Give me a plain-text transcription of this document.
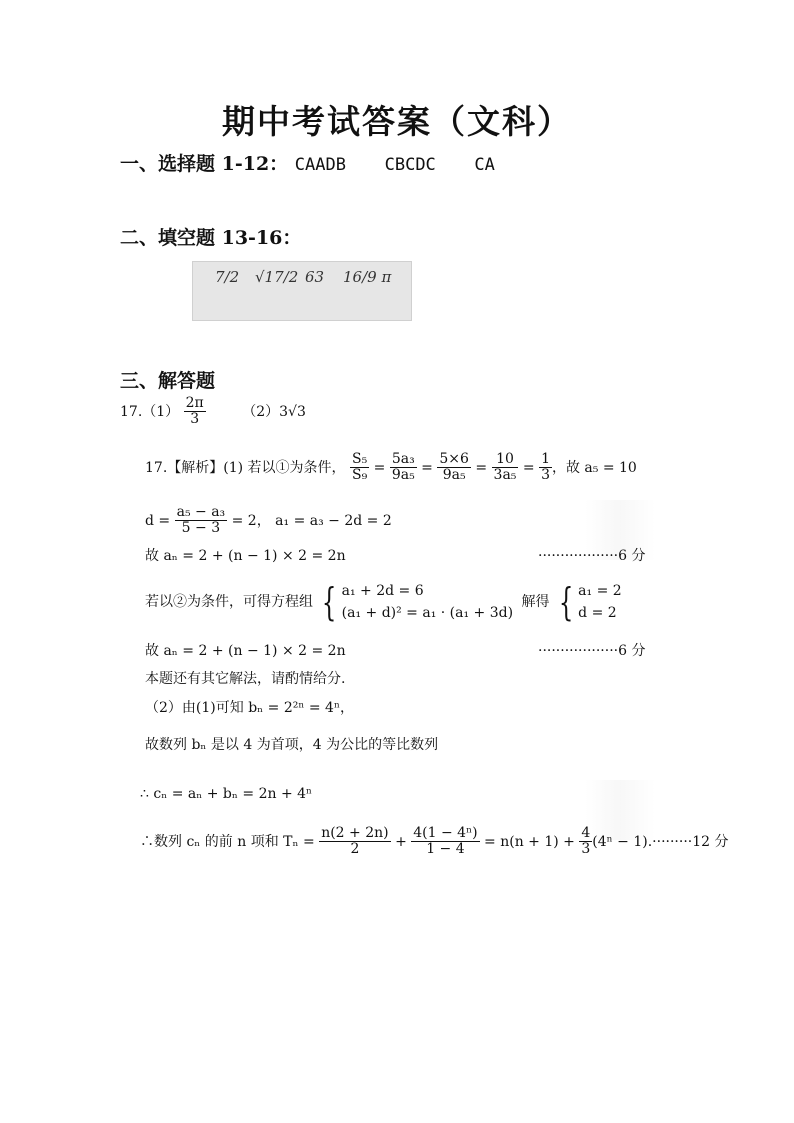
期中考试答案（文科）
一、选择题 1-12： CAADB CBCDC CA
二、填空题 13-16：
7/2 √17/2 63 16/9 π
三、解答题
$17.(1) \frac{2\pi}{3}$	（2）3√3
17.【解析】(1) 若以①为条件， $\frac{\text{S₅}}{\text{S₉}} = \frac{\text{5a₃}}{\text{9a₅}} = \frac{5\times 6}{\text{9a₅}} = \frac{10}{\text{3a₅}} = \frac{1}{3}$ ，故 a₅ = 10
$d = \frac{\text{a₅ − a₃}}{5 - 3} = 2$， a₁ = a₃ − 2d = 2
故 aₙ = 2 + (n − 1) × 2 = 2n	··················6 分
若以②为条件，可得方程组 { a₁ + 2d = 6
(a₁ + d)² = a₁ · (a₁ + 3d) 解得 { a₁ = 2
d = 2
故 aₙ = 2 + (n − 1) × 2 = 2n	··················6 分
本题还有其它解法，请酌情给分.
（2）由(1)可知 bₙ = 2²ⁿ = 4ⁿ，
故数列 bₙ 是以 4 为首项，4 为公比的等比数列
∴ cₙ = aₙ + bₙ = 2n + 4ⁿ
∴数列 cₙ 的前 n 项和 $T_n = \frac{n(2 + 2n)}{2} + \frac{\text{4(1 − 4ⁿ)}}{1 - 4} = n(n + 1) + \frac{4}{3} (4^n - 1).\cdot\cdot\cdot\cdot\cdot\cdot\cdot\cdot\cdot 12$ 分
